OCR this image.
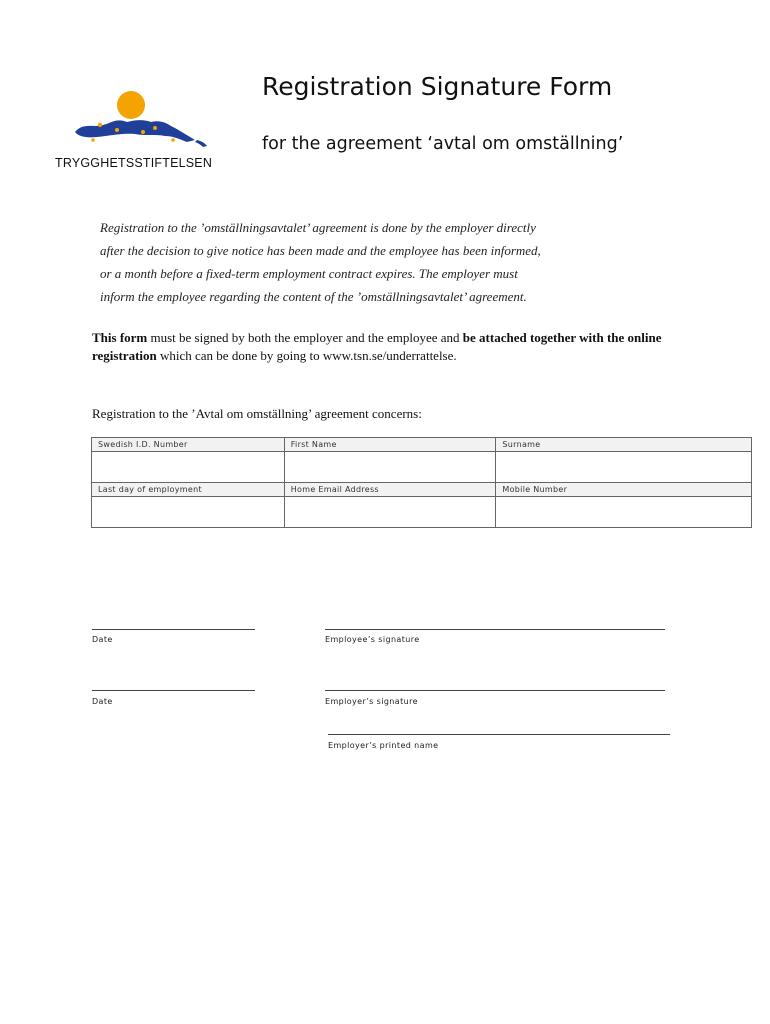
TRYGGHETSSTIFTELSEN
Registration Signature Form
for the agreement ‘avtal om omställning’
Registration to the ’omställningsavtalet’ agreement is done by the employer directly
after the decision to give notice has been made and the employee has been informed,
or a month before a fixed-term employment contract expires. The employer must
inform the employee regarding the content of the ’omställningsavtalet’ agreement.
This form must be signed by both the employer and the employee and be attached together with the online registration which can be done by going to www.tsn.se/underrattelse.
Registration to the ’Avtal om omställning’ agreement concerns:
Swedish I.D. Number	First Name	Surname

Last day of employment	Home Email Address	Mobile Number

Date	Employee’s signature
Date	Employer’s signature
Employer’s printed name
